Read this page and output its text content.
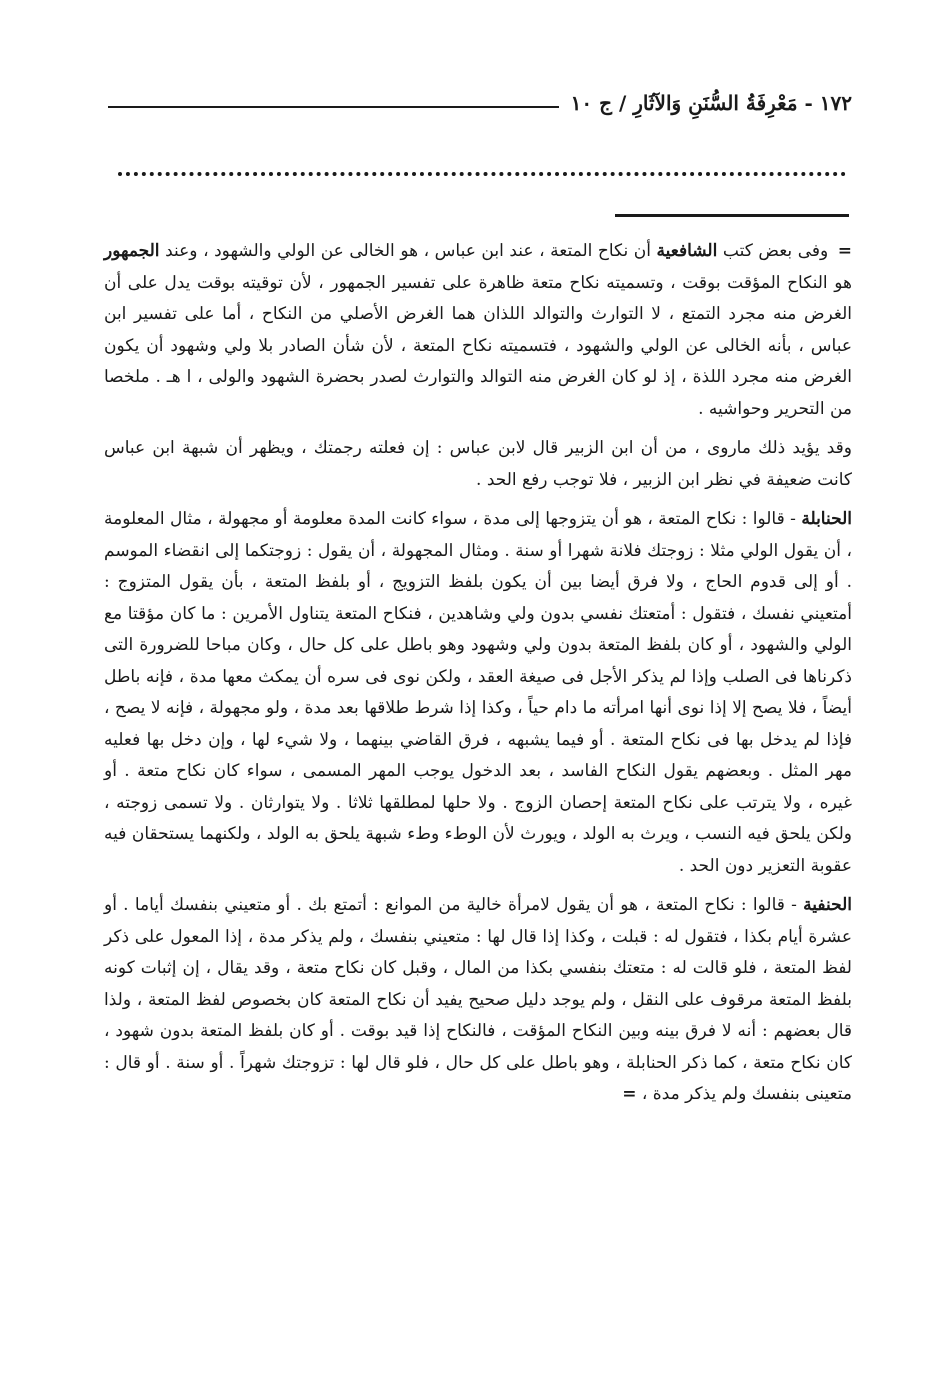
١٧٢ - مَعْرِفَةُ السُّنَنِ وَالآثَارِ / ج ١٠

= وفى بعض كتب الشافعية أن نكاح المتعة ، عند ابن عباس ، هو الخالى عن الولي والشهود ، وعند الجمهور هو النكاح المؤقت بوقت ، وتسميته نكاح متعة ظاهرة على تفسير الجمهور ، لأن توقيته بوقت يدل على أن الغرض منه مجرد التمتع ، لا التوارث والتوالد اللذان هما الغرض الأصلي من النكاح ، أما على تفسير ابن عباس ، بأنه الخالى عن الولي والشهود ، فتسميته نكاح المتعة ، لأن شأن الصادر بلا ولي وشهود أن يكون الغرض منه مجرد اللذة ، إذ لو كان الغرض منه التوالد والتوارث لصدر بحضرة الشهود والولى ، ا هـ . ملخصا من التحرير وحواشيه .

وقد يؤيد ذلك ماروى ، من أن ابن الزبير قال لابن عباس : إن فعلته رجمتك ، ويظهر أن شبهة ابن عباس كانت ضعيفة في نظر ابن الزبير ، فلا توجب رفع الحد .

الحنابلة - قالوا : نكاح المتعة ، هو أن يتزوجها إلى مدة ، سواء كانت المدة معلومة أو مجهولة ، مثال المعلومة ، أن يقول الولي مثلا : زوجتك فلانة شهرا أو سنة . ومثال المجهولة ، أن يقول : زوجتكما إلى انقضاء الموسم . أو إلى قدوم الحاج ، ولا فرق أيضا بين أن يكون بلفظ التزويج ، أو بلفظ المتعة ، بأن يقول المتزوج : أمتعيني نفسك ، فتقول : أمتعتك نفسي بدون ولي وشاهدين ، فنكاح المتعة يتناول الأمرين : ما كان مؤقتا مع الولي والشهود ، أو كان بلفظ المتعة بدون ولي وشهود وهو باطل على كل حال ، وكان مباحا للضرورة التى ذكرناها فى الصلب وإذا لم يذكر الأجل فى صيغة العقد ، ولكن نوى فى سره أن يمكث معها مدة ، فإنه باطل أيضاً ، فلا يصح إلا إذا نوى أنها امرأته ما دام حياً ، وكذا إذا شرط طلاقها بعد مدة ، ولو مجهولة ، فإنه لا يصح ، فإذا لم يدخل بها فى نكاح المتعة . أو فيما يشبهه ، فرق القاضي بينهما ، ولا شيء لها ، وإن دخل بها فعليه مهر المثل . وبعضهم يقول النكاح الفاسد ، بعد الدخول يوجب المهر المسمى ، سواء كان نكاح متعة . أو غيره ، ولا يترتب على نكاح المتعة إحصان الزوج . ولا حلها لمطلقها ثلاثا . ولا يتوارثان . ولا تسمى زوجته ، ولكن يلحق فيه النسب ، ويرث به الولد ، ويورث لأن الوطء وطء شبهة يلحق به الولد ، ولكنهما يستحقان فيه عقوبة التعزير دون الحد .

الحنفية - قالوا : نكاح المتعة ، هو أن يقول لامرأة خالية من الموانع : أتمتع بك . أو متعيني بنفسك أياما . أو عشرة أيام بكذا ، فتقول له : قبلت ، وكذا إذا قال لها : متعيني بنفسك ، ولم يذكر مدة ، إذا المعول على ذكر لفظ المتعة ، فلو قالت له : متعتك بنفسي بكذا من المال ، وقبل كان نكاح متعة ، وقد يقال ، إن إثبات كونه بلفظ المتعة مرقوف على النقل ، ولم يوجد دليل صحيح يفيد أن نكاح المتعة كان بخصوص لفظ المتعة ، ولذا قال بعضهم : أنه لا فرق بينه وبين النكاح المؤقت ، فالنكاح إذا قيد بوقت . أو كان بلفظ المتعة بدون شهود ، كان نكاح متعة ، كما ذكر الحنابلة ، وهو باطل على كل حال ، فلو قال لها : تزوجتك شهراً . أو سنة . أو قال : متعينى بنفسك ولم يذكر مدة ، =
